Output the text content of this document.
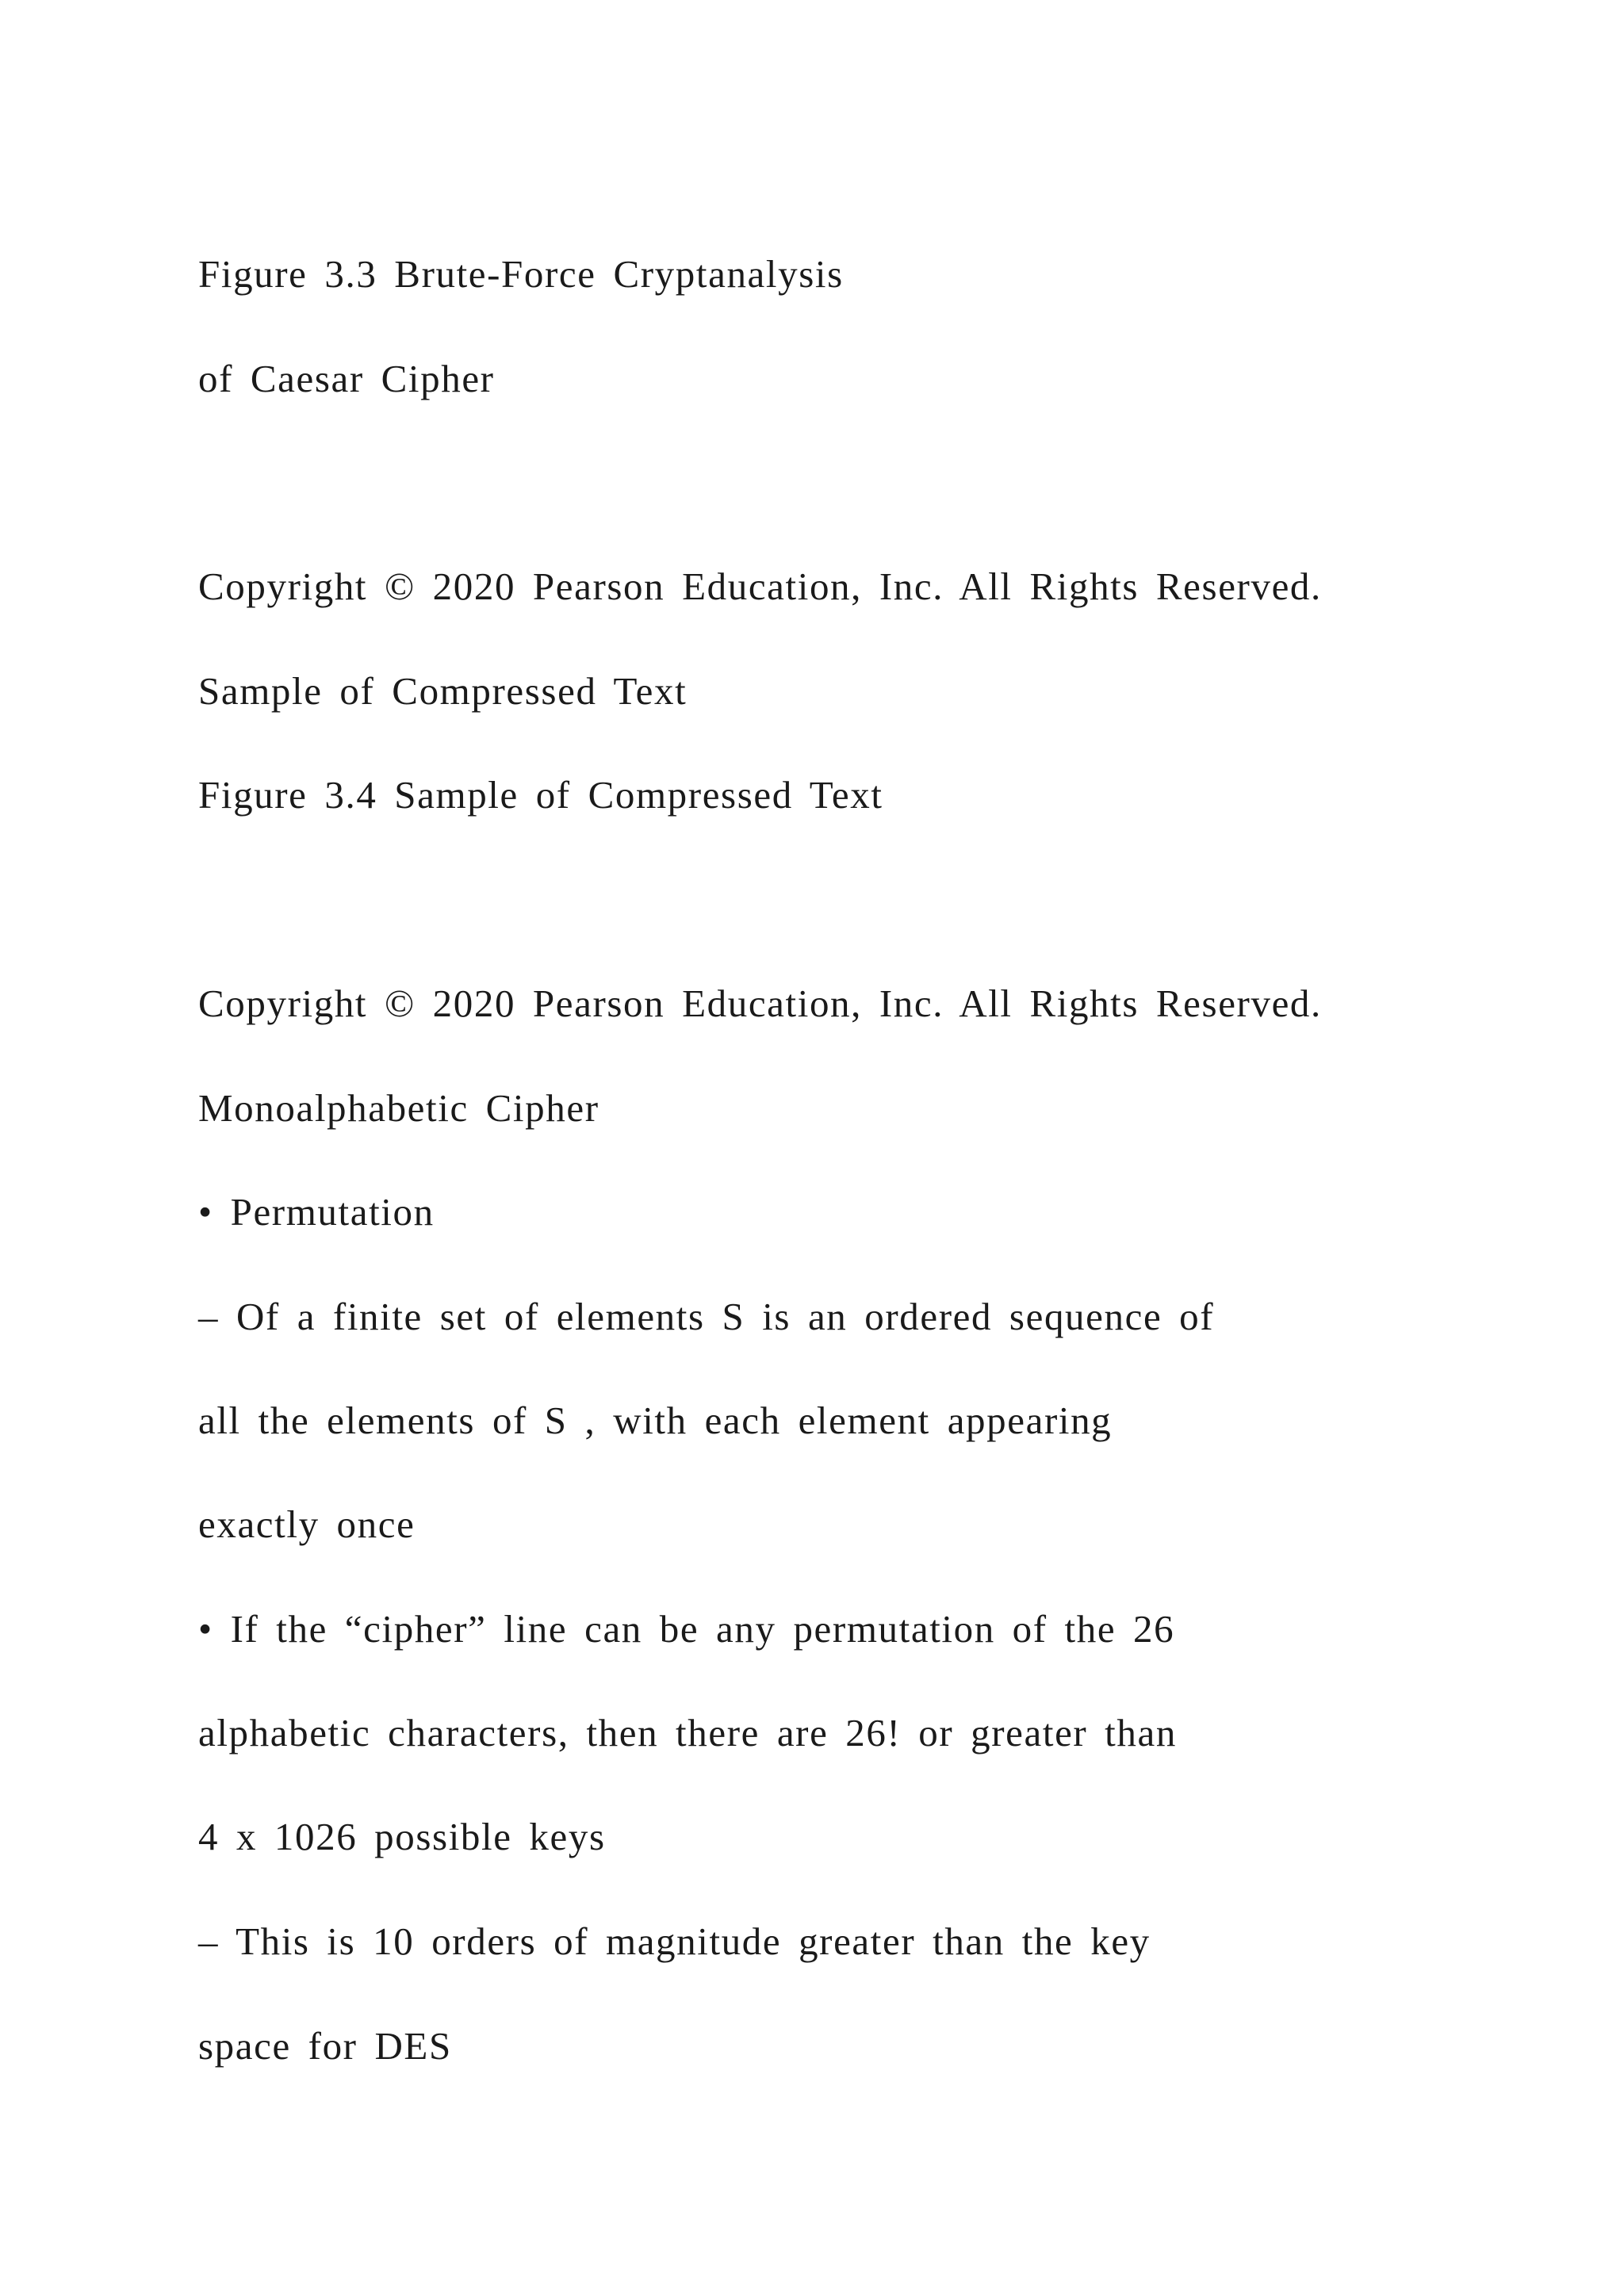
Figure 3.3 Brute-Force Cryptanalysis

of Caesar Cipher

Copyright © 2020 Pearson Education, Inc. All Rights Reserved.

Sample of Compressed Text

Figure 3.4 Sample of Compressed Text

Copyright © 2020 Pearson Education, Inc. All Rights Reserved.

Monoalphabetic Cipher

• Permutation

– Of a finite set of elements S is an ordered sequence of

all the elements of S , with each element appearing

exactly once

• If the “cipher” line can be any permutation of the 26

alphabetic characters, then there are 26! or greater than

4 x 1026 possible keys

– This is 10 orders of magnitude greater than the key

space for DES
